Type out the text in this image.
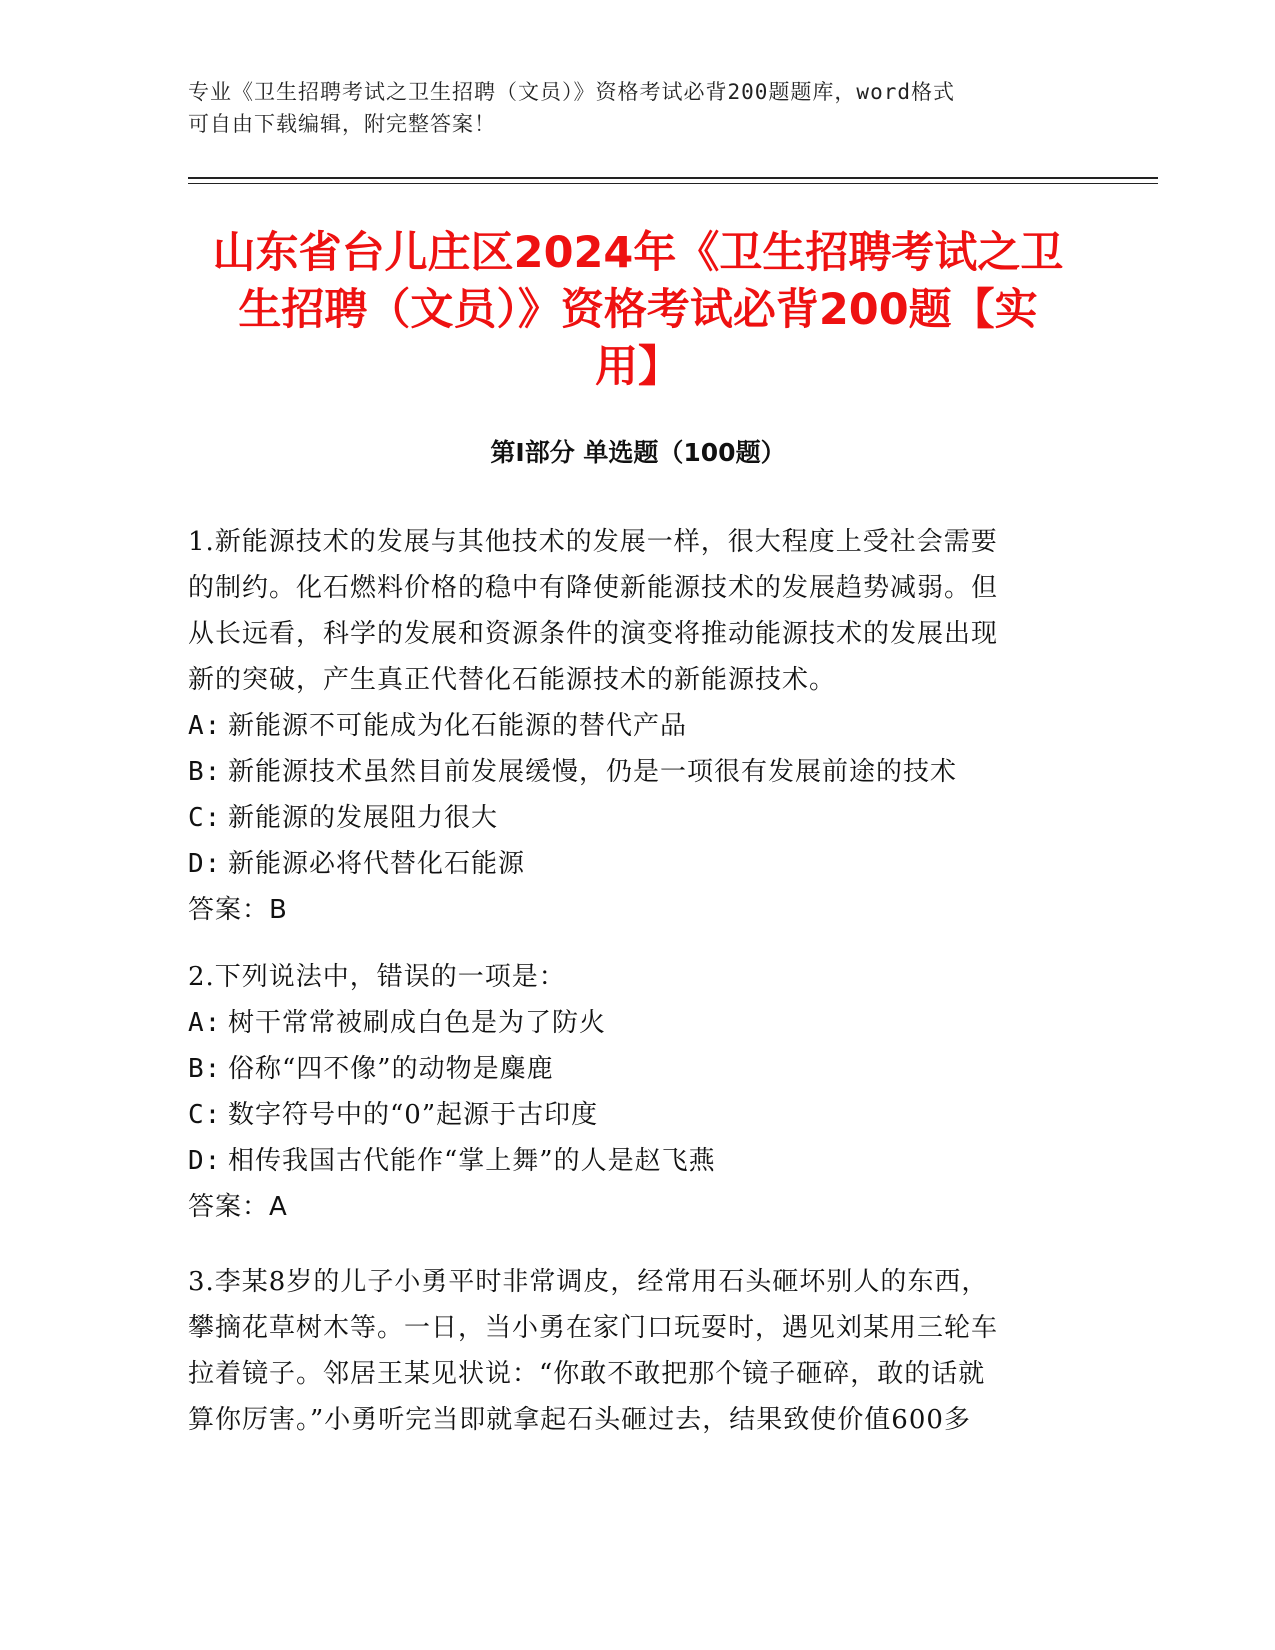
专业《卫生招聘考试之卫生招聘（文员）》资格考试必背200题题库，word格式
可自由下载编辑，附完整答案！
山东省台儿庄区2024年《卫生招聘考试之卫
生招聘（文员）》资格考试必背200题【实
用】
第Ⅰ部分 单选题（100题）
1.新能源技术的发展与其他技术的发展一样，很大程度上受社会需要
的制约。化石燃料价格的稳中有降使新能源技术的发展趋势减弱。但
从长远看，科学的发展和资源条件的演变将推动能源技术的发展出现
新的突破，产生真正代替化石能源技术的新能源技术。
A: 新能源不可能成为化石能源的替代产品
B: 新能源技术虽然目前发展缓慢，仍是一项很有发展前途的技术
C: 新能源的发展阻力很大
D: 新能源必将代替化石能源
答案：B
2.下列说法中，错误的一项是：
A: 树干常常被刷成白色是为了防火
B: 俗称“四不像”的动物是麋鹿
C: 数字符号中的“0”起源于古印度
D: 相传我国古代能作“掌上舞”的人是赵飞燕
答案：A
3.李某8岁的儿子小勇平时非常调皮，经常用石头砸坏别人的东西，
攀摘花草树木等。一日，当小勇在家门口玩耍时，遇见刘某用三轮车
拉着镜子。邻居王某见状说：“你敢不敢把那个镜子砸碎，敢的话就
算你厉害。”小勇听完当即就拿起石头砸过去，结果致使价值600多
